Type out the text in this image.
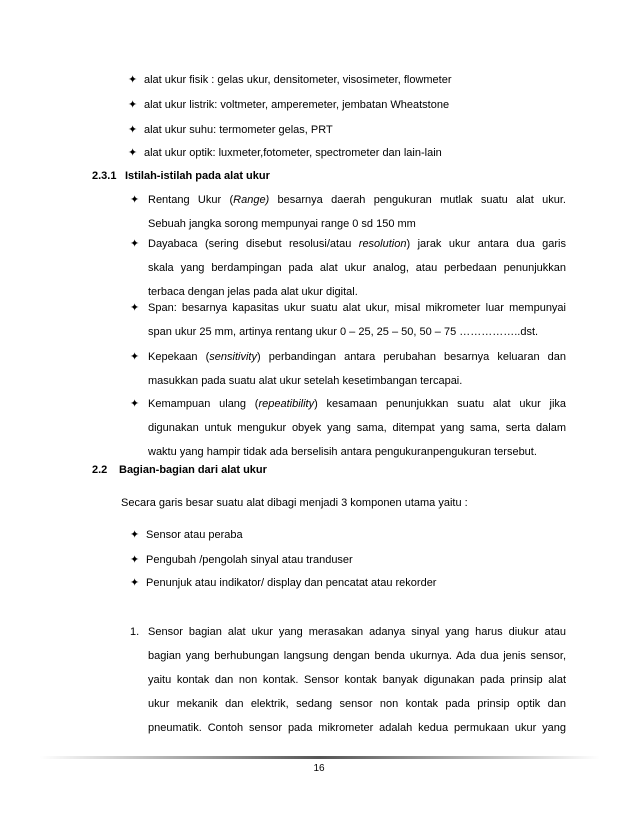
✦ alat ukur fisik : gelas ukur, densitometer, visosimeter, flowmeter
✦ alat ukur listrik: voltmeter, amperemeter, jembatan Wheatstone
✦ alat ukur suhu: termometer gelas, PRT
✦ alat ukur optik: luxmeter,fotometer, spectrometer dan lain-lain
2.3.1 Istilah-istilah pada alat ukur
✦ Rentang Ukur (Range) besarnya daerah pengukuran mutlak suatu alat ukur.
Sebuah jangka sorong mempunyai range 0 sd 150 mm
✦ Dayabaca (sering disebut resolusi/atau resolution) jarak ukur antara dua garis
skala yang berdampingan pada alat ukur analog, atau perbedaan penunjukkan
terbaca dengan jelas pada alat ukur digital.
✦ Span: besarnya kapasitas ukur suatu alat ukur, misal mikrometer luar mempunyai
span ukur 25 mm, artinya rentang ukur 0 – 25, 25 – 50, 50 – 75 ……………..dst.
✦ Kepekaan (sensitivity) perbandingan antara perubahan besarnya keluaran dan
masukkan pada suatu alat ukur setelah kesetimbangan tercapai.
✦ Kemampuan ulang (repeatibility) kesamaan penunjukkan suatu alat ukur jika
digunakan untuk mengukur obyek yang sama, ditempat yang sama, serta dalam
waktu yang hampir tidak ada berselisih antara pengukuranpengukuran tersebut.
2.2 Bagian-bagian dari alat ukur
Secara garis besar suatu alat dibagi menjadi 3 komponen utama yaitu :
✦ Sensor atau peraba
✦ Pengubah /pengolah sinyal atau tranduser
✦ Penunjuk atau indikator/ display dan pencatat atau rekorder
1. Sensor bagian alat ukur yang merasakan adanya sinyal yang harus diukur atau
bagian yang berhubungan langsung dengan benda ukurnya. Ada dua jenis sensor,
yaitu kontak dan non kontak. Sensor kontak banyak digunakan pada prinsip alat
ukur mekanik dan elektrik, sedang sensor non kontak pada prinsip optik dan
pneumatik. Contoh sensor pada mikrometer adalah kedua permukaan ukur yang
16
